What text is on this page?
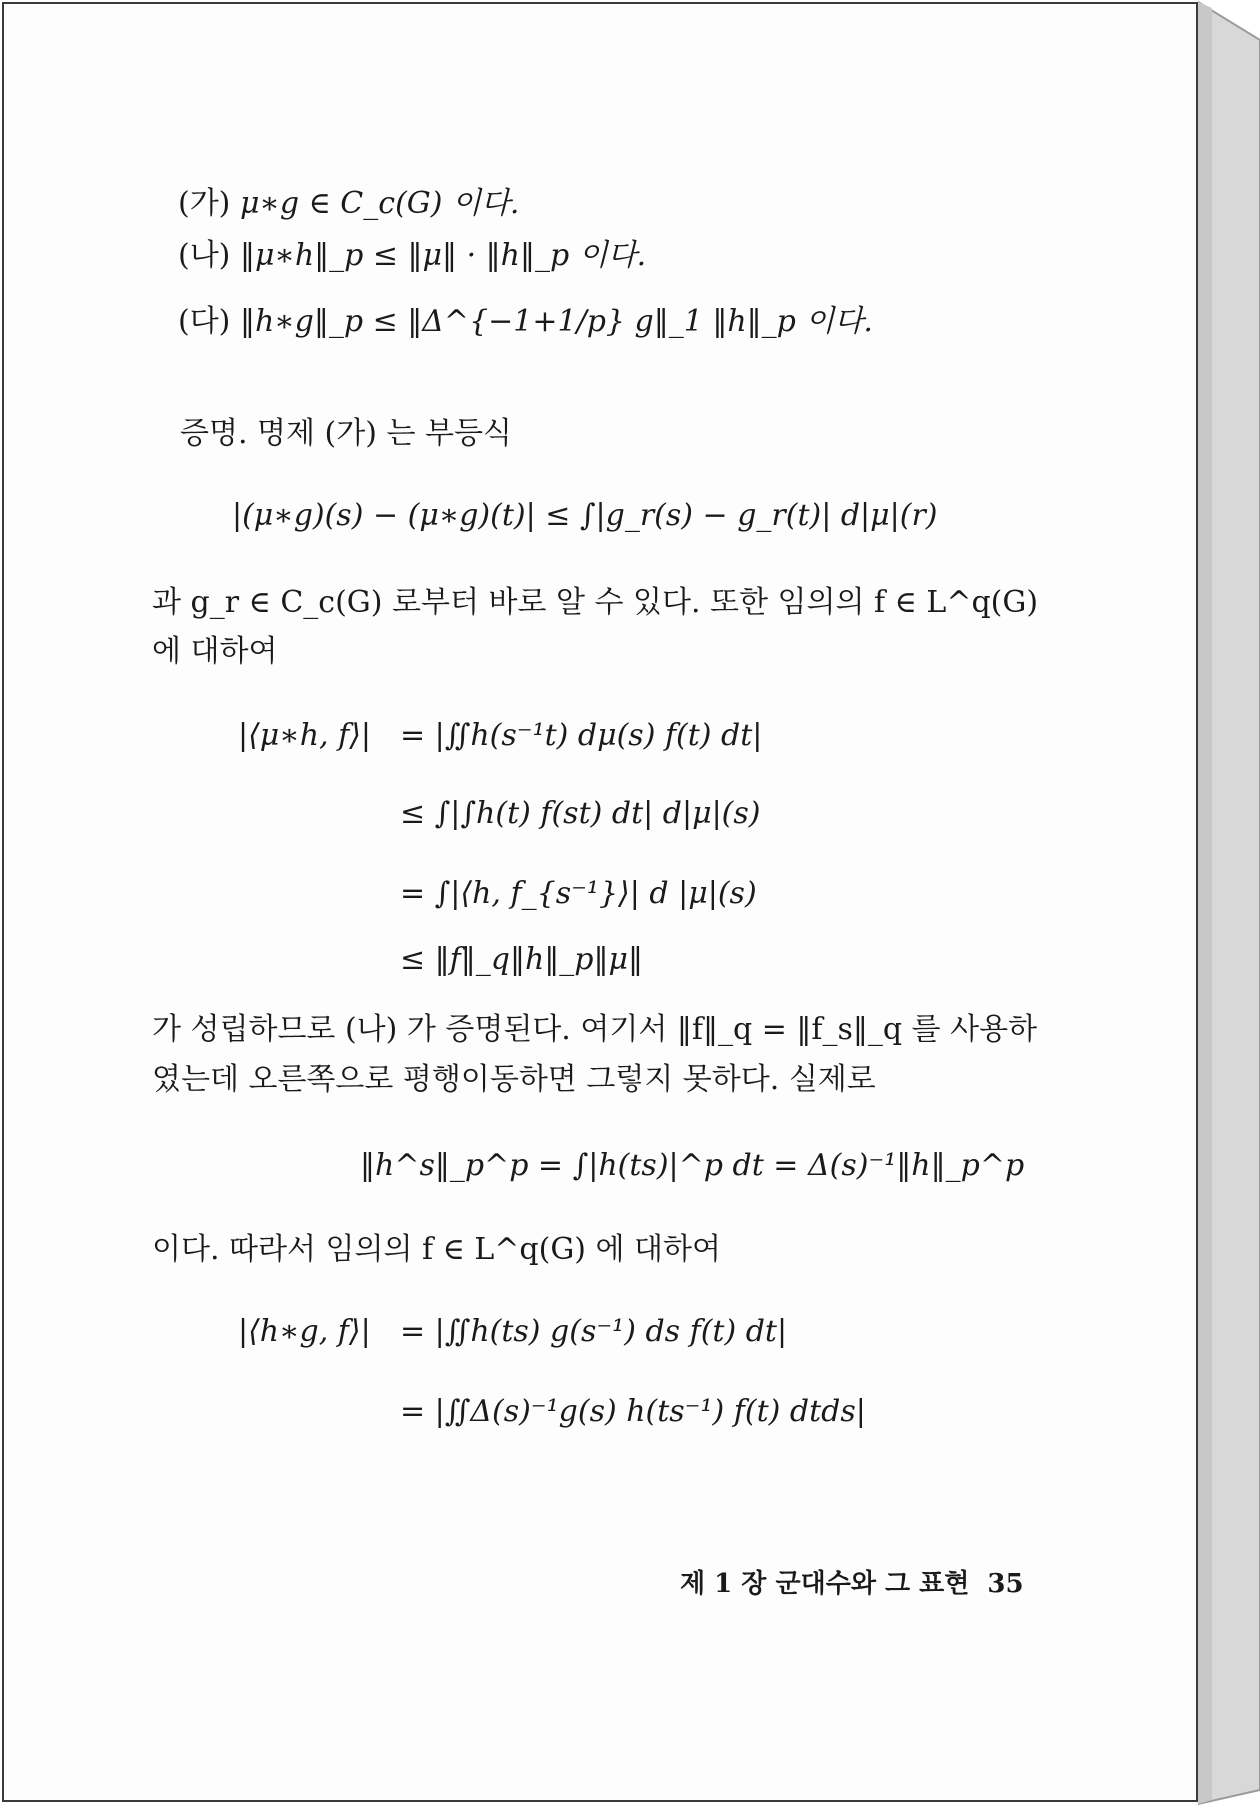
(가) μ∗g ∈ C_c(G) 이다.
(나) ‖μ∗h‖_p ≤ ‖μ‖ · ‖h‖_p 이다.
(다) ‖h∗g‖_p ≤ ‖Δ^{−1+1/p} g‖_1 ‖h‖_p 이다.
증명. 명제 (가) 는 부등식
|(μ∗g)(s) − (μ∗g)(t)| ≤ ∫|g_r(s) − g_r(t)| d|μ|(r)
과 g_r ∈ C_c(G) 로부터 바로 알 수 있다. 또한 임의의 f ∈ L^q(G)
에 대하여
|⟨μ∗h, f⟩| = |∬h(s⁻¹t) dμ(s) f(t) dt|
≤ ∫|∫h(t) f(st) dt| d|μ|(s)
= ∫|⟨h, f_{s⁻¹}⟩| d |μ|(s)
≤ ‖f‖_q‖h‖_p‖μ‖
가 성립하므로 (나) 가 증명된다. 여기서 ‖f‖_q = ‖f_s‖_q 를 사용하
였는데 오른쪽으로 평행이동하면 그렇지 못하다. 실제로
‖h^s‖_p^p = ∫|h(ts)|^p dt = Δ(s)⁻¹‖h‖_p^p
이다. 따라서 임의의 f ∈ L^q(G) 에 대하여
|⟨h∗g, f⟩| = |∬h(ts) g(s⁻¹) ds f(t) dt|
= |∬Δ(s)⁻¹g(s) h(ts⁻¹) f(t) dtds|
제 1 장 군대수와 그 표현 35
